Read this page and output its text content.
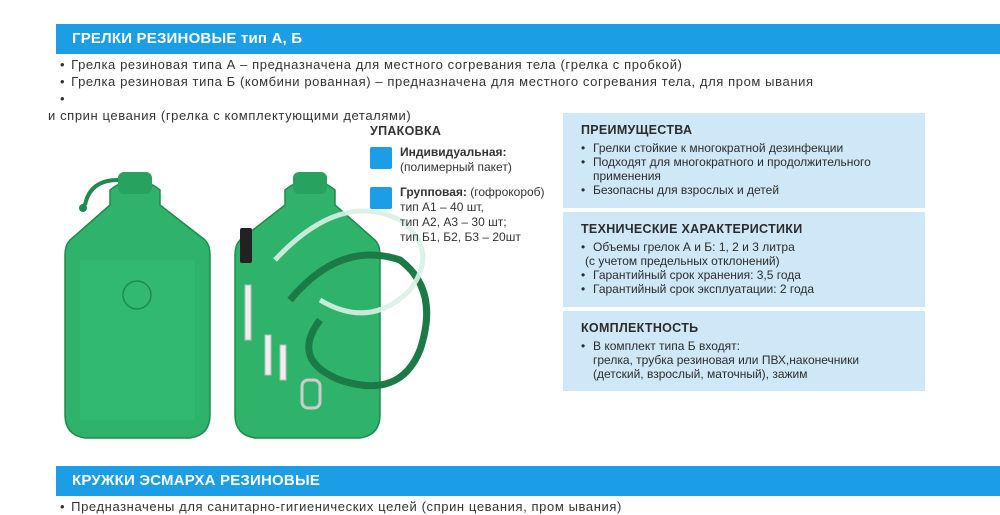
ГРЕЛКИ РЕЗИНОВЫЕ тип А, Б
• Грелка резиновая типа А – предназначена для местного согревания тела (грелка с пробкой)
• Грелка резиновая типа Б (комбини рованная) – предназначена для местного согревания тела, для пром ывания
• и сприн цевания (грелка с комплектующими деталями)
УПАКОВКА
Индивидуальная:
(полимерный пакет)
Групповая: (гофрокороб)
тип А1 – 40 шт,
тип А2, А3 – 30 шт;
тип Б1, Б2, Б3 – 20шт
ПРЕИМУЩЕСТВА
• Грелки стойкие к многократной дезинфекции
• Подходят для многократного и продолжительного применения
• Безопасны для взрослых и детей
ТЕХНИЧЕСКИЕ ХАРАКТЕРИСТИКИ
• Объемы грелок А и Б: 1, 2 и 3 литра
(с учетом предельных отклонений)
• Гарантийный срок хранения: 3,5 года
• Гарантийный срок эксплуатации: 2 года
КОМПЛЕКТНОСТЬ
• В комплект типа Б входят:
грелка, трубка резиновая или ПВХ,наконечники
(детский, взрослый, маточный), зажим
КРУЖКИ ЭСМАРХА РЕЗИНОВЫЕ
• Предназначены для санитарно-гигиенических целей (сприн цевания, пром ывания)
